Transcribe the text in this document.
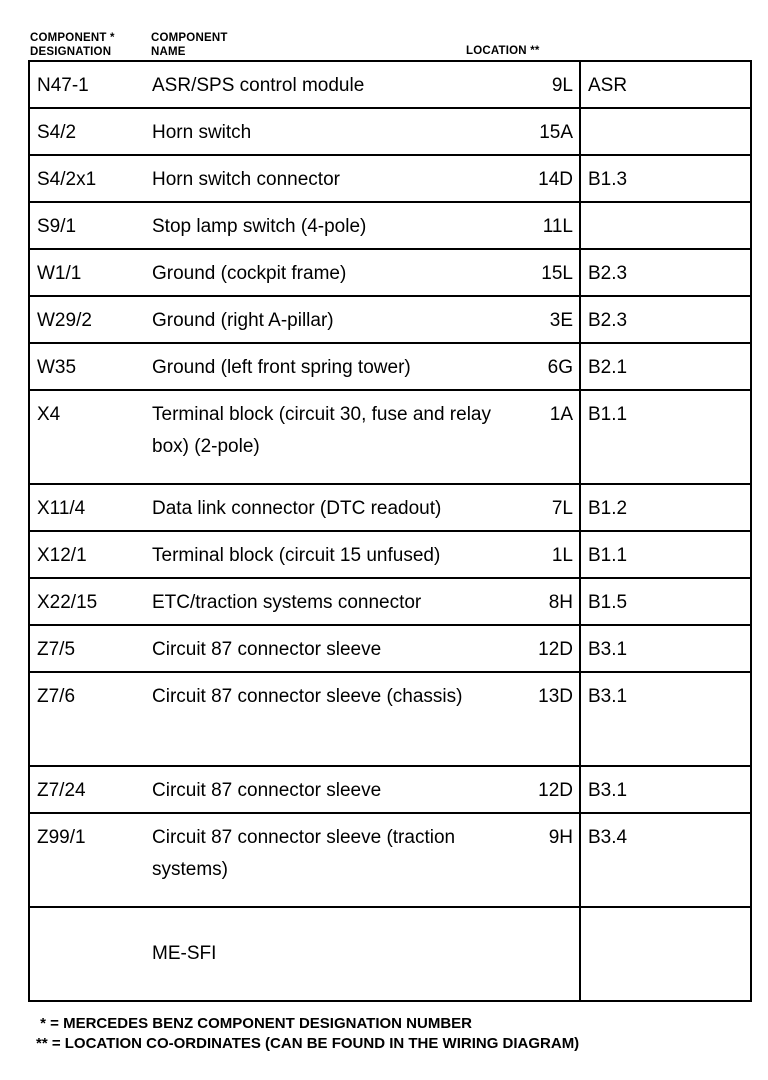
COMPONENT *
DESIGNATION
COMPONENT
NAME	LOCATION **
N47-1	ASR/SPS control module	9L	ASR
S4/2	Horn switch	15A	
S4/2x1	Horn switch connector	14D	B1.3
S9/1	Stop lamp switch (4-pole)	11L	
W1/1	Ground (cockpit frame)	15L	B2.3
W29/2	Ground (right A-pillar)	3E	B2.3
W35	Ground (left front spring tower)	6G	B2.1
X4	Terminal block (circuit 30, fuse and relay box) (2-pole)	1A	B1.1
X11/4	Data link connector (DTC readout)	7L	B1.2
X12/1	Terminal block (circuit 15 unfused)	1L	B1.1
X22/15	ETC/traction systems connector	8H	B1.5
Z7/5	Circuit 87 connector sleeve	12D	B3.1
Z7/6	Circuit 87 connector sleeve (chassis)	13D	B3.1
Z7/24	Circuit 87 connector sleeve	12D	B3.1
Z99/1	Circuit 87 connector sleeve (traction systems)	9H	B3.4
	ME-SFI		
* = MERCEDES BENZ COMPONENT DESIGNATION NUMBER
** = LOCATION CO-ORDINATES (CAN BE FOUND IN THE WIRING DIAGRAM)
